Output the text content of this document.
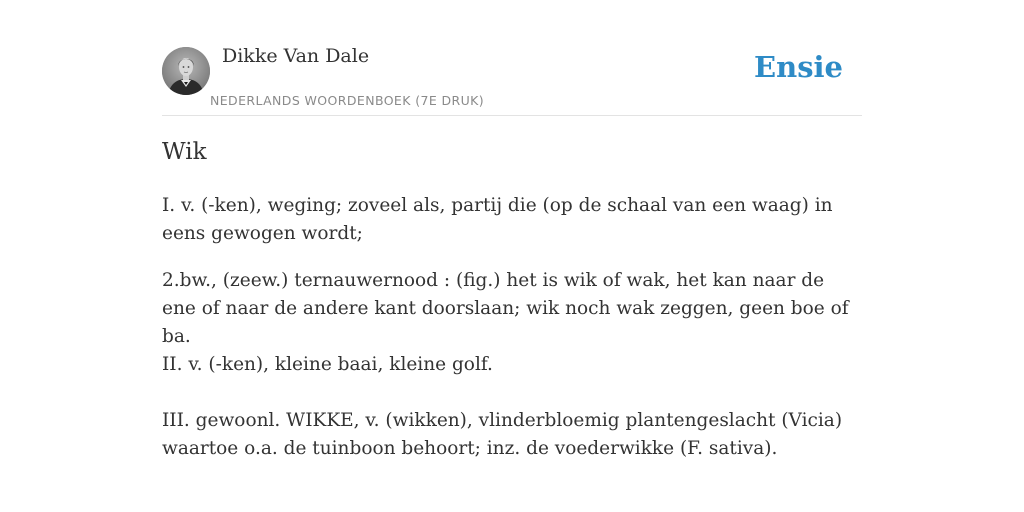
Dikke Van Dale
NEDERLANDS WOORDENBOEK (7E DRUK)
Ensie
Wik

I. v. (-ken), weging; zoveel als, partij die (op de schaal van een waag) in eens gewogen wordt;

2.bw., (zeew.) ternauwernood : (fig.) het is wik of wak, het kan naar de ene of naar de andere kant doorslaan; wik noch wak zeggen, geen boe of ba.

II. v. (-ken), kleine baai, kleine golf.

III. gewoonl. WIKKE, v. (wikken), vlinderbloemig plantengeslacht (Vicia) waartoe o.a. de tuinboon behoort; inz. de voederwikke (F. sativa).
